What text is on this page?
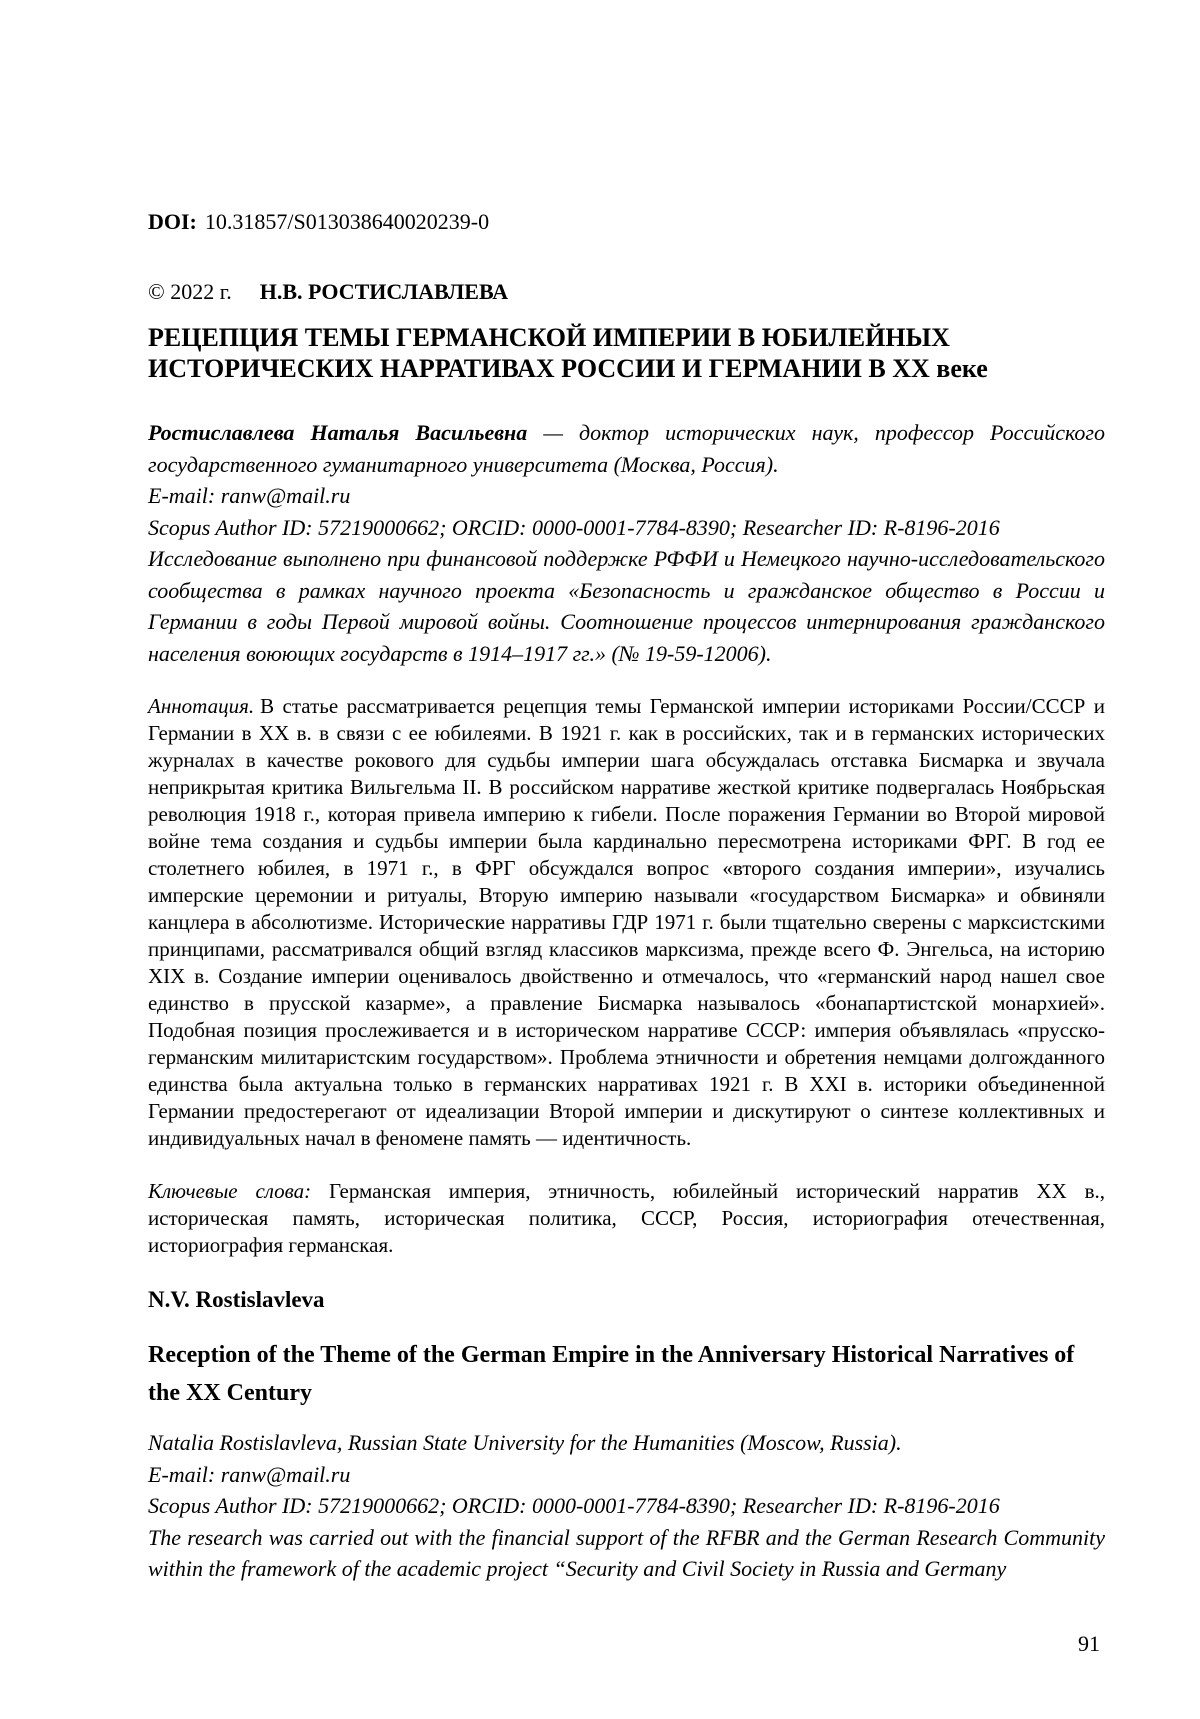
DOI: 10.31857/S013038640020239-0

© 2022 г. Н.В. РОСТИСЛАВЛЕВА

РЕЦЕПЦИЯ ТЕМЫ ГЕРМАНСКОЙ ИМПЕРИИ В ЮБИЛЕЙНЫХ ИСТОРИЧЕСКИХ НАРРАТИВАХ РОССИИ И ГЕРМАНИИ В XX веке

Ростиславлева Наталья Васильевна — доктор исторических наук, профессор Российского государственного гуманитарного университета (Москва, Россия).

E-mail: ranw@mail.ru

Scopus Author ID: 57219000662; ORCID: 0000-0001-7784-8390; Researcher ID: R-8196-2016

Исследование выполнено при финансовой поддержке РФФИ и Немецкого научно-исследовательского сообщества в рамках научного проекта «Безопасность и гражданское общество в России и Германии в годы Первой мировой войны. Соотношение процессов интернирования гражданского населения воюющих государств в 1914–1917 гг.» (№ 19-59-12006).

Аннотация. В статье рассматривается рецепция темы Германской империи историками России/СССР и Германии в XX в. в связи с ее юбилеями. В 1921 г. как в российских, так и в германских исторических журналах в качестве рокового для судьбы империи шага обсуждалась отставка Бисмарка и звучала неприкрытая критика Вильгельма II. В российском нарративе жесткой критике подвергалась Ноябрьская революция 1918 г., которая привела империю к гибели. После поражения Германии во Второй мировой войне тема создания и судьбы империи была кардинально пересмотрена историками ФРГ. В год ее столетнего юбилея, в 1971 г., в ФРГ обсуждался вопрос «второго создания империи», изучались имперские церемонии и ритуалы, Вторую империю называли «государством Бисмарка» и обвиняли канцлера в абсолютизме. Исторические нарративы ГДР 1971 г. были тщательно сверены с марксистскими принципами, рассматривался общий взгляд классиков марксизма, прежде всего Ф. Энгельса, на историю XIX в. Создание империи оценивалось двойственно и отмечалось, что «германский народ нашел свое единство в прусской казарме», а правление Бисмарка называлось «бонапартистской монархией». Подобная позиция прослеживается и в историческом нарративе СССР: империя объявлялась «прусско-германским милитаристским государством». Проблема этничности и обретения немцами долгожданного единства была актуальна только в германских нарративах 1921 г. В XXI в. историки объединенной Германии предостерегают от идеализации Второй империи и дискутируют о синтезе коллективных и индивидуальных начал в феномене память — идентичность.

Ключевые слова: Германская империя, этничность, юбилейный исторический нарратив XX в., историческая память, историческая политика, СССР, Россия, историография отечественная, историография германская.

N.V. Rostislavleva

Reception of the Theme of the German Empire in the Anniversary Historical Narratives of the XX Century

Natalia Rostislavleva, Russian State University for the Humanities (Moscow, Russia).

E-mail: ranw@mail.ru

Scopus Author ID: 57219000662; ORCID: 0000-0001-7784-8390; Researcher ID: R-8196-2016

The research was carried out with the financial support of the RFBR and the German Research Community within the framework of the academic project “Security and Civil Society in Russia and Germany

91
